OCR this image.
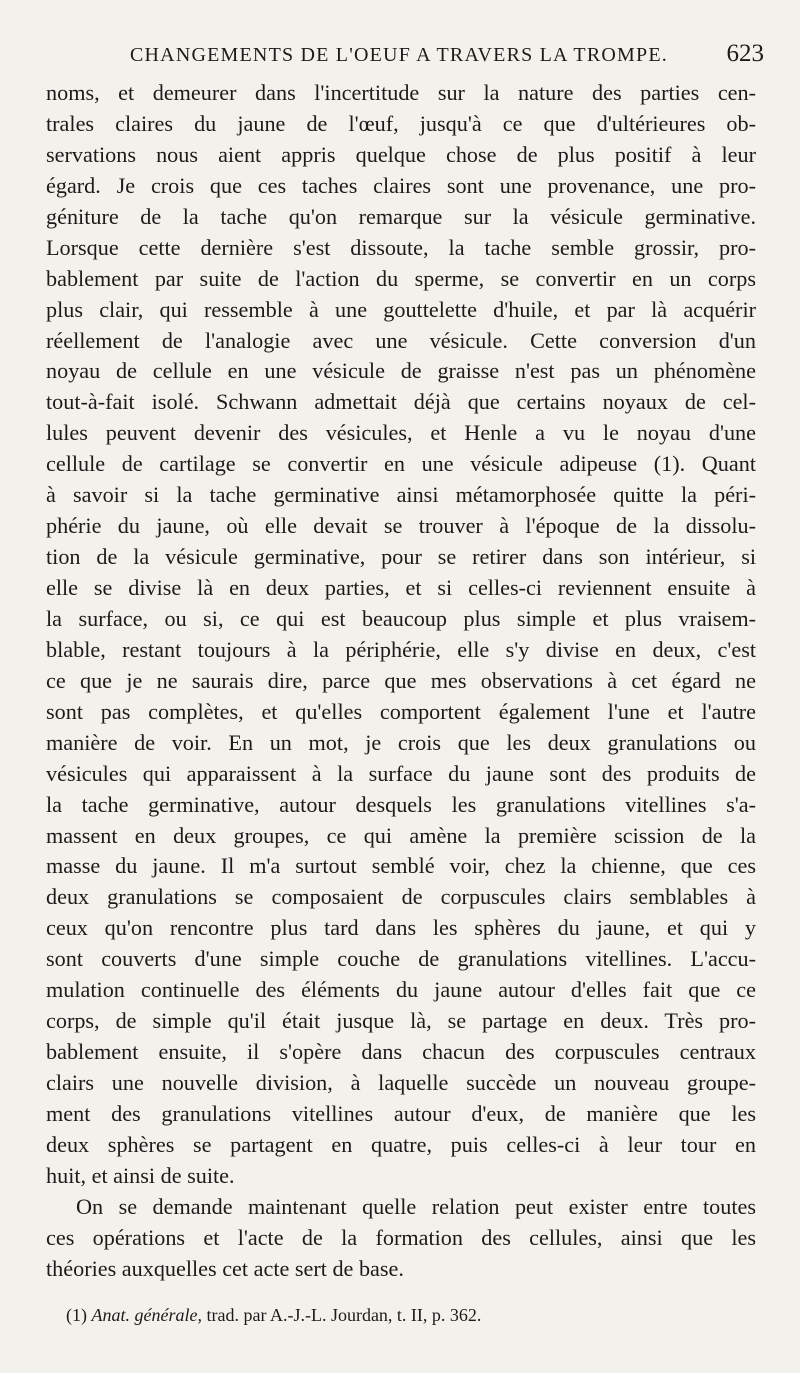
CHANGEMENTS DE L'OEUF A TRAVERS LA TROMPE. 623
noms, et demeurer dans l'incertitude sur la nature des parties cen-
trales claires du jaune de l'œuf, jusqu'à ce que d'ultérieures ob-
servations nous aient appris quelque chose de plus positif à leur
égard. Je crois que ces taches claires sont une provenance, une pro-
géniture de la tache qu'on remarque sur la vésicule germinative.
Lorsque cette dernière s'est dissoute, la tache semble grossir, pro-
bablement par suite de l'action du sperme, se convertir en un corps
plus clair, qui ressemble à une gouttelette d'huile, et par là acquérir
réellement de l'analogie avec une vésicule. Cette conversion d'un
noyau de cellule en une vésicule de graisse n'est pas un phénomène
tout-à-fait isolé. Schwann admettait déjà que certains noyaux de cel-
lules peuvent devenir des vésicules, et Henle a vu le noyau d'une
cellule de cartilage se convertir en une vésicule adipeuse (1). Quant
à savoir si la tache germinative ainsi métamorphosée quitte la péri-
phérie du jaune, où elle devait se trouver à l'époque de la dissolu-
tion de la vésicule germinative, pour se retirer dans son intérieur, si
elle se divise là en deux parties, et si celles-ci reviennent ensuite à
la surface, ou si, ce qui est beaucoup plus simple et plus vraisem-
blable, restant toujours à la périphérie, elle s'y divise en deux, c'est
ce que je ne saurais dire, parce que mes observations à cet égard ne
sont pas complètes, et qu'elles comportent également l'une et l'autre
manière de voir. En un mot, je crois que les deux granulations ou
vésicules qui apparaissent à la surface du jaune sont des produits de
la tache germinative, autour desquels les granulations vitellines s'a-
massent en deux groupes, ce qui amène la première scission de la
masse du jaune. Il m'a surtout semblé voir, chez la chienne, que ces
deux granulations se composaient de corpuscules clairs semblables à
ceux qu'on rencontre plus tard dans les sphères du jaune, et qui y
sont couverts d'une simple couche de granulations vitellines. L'accu-
mulation continuelle des éléments du jaune autour d'elles fait que ce
corps, de simple qu'il était jusque là, se partage en deux. Très pro-
bablement ensuite, il s'opère dans chacun des corpuscules centraux
clairs une nouvelle division, à laquelle succède un nouveau groupe-
ment des granulations vitellines autour d'eux, de manière que les
deux sphères se partagent en quatre, puis celles-ci à leur tour en
huit, et ainsi de suite.
On se demande maintenant quelle relation peut exister entre toutes
ces opérations et l'acte de la formation des cellules, ainsi que les
théories auxquelles cet acte sert de base.
(1) Anat. générale, trad. par A.-J.-L. Jourdan, t. II, p. 362.
